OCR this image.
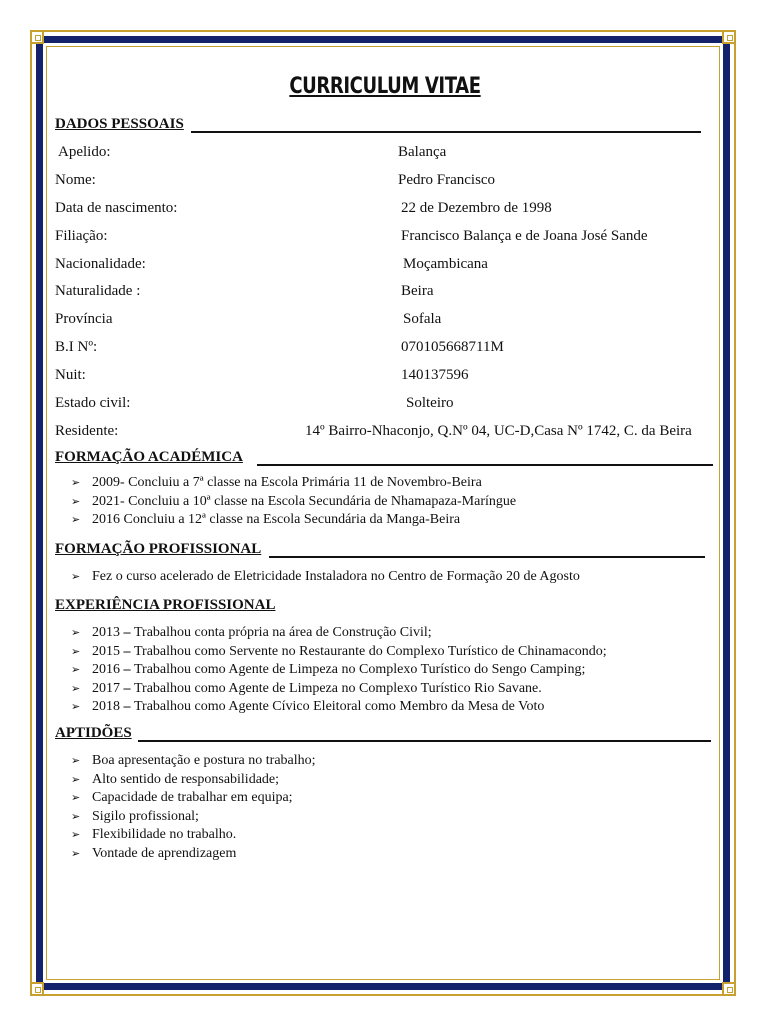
CURRICULUM VITAE
DADOS PESSOAIS
Apelido:	Balança
Nome:	Pedro Francisco
Data de nascimento:	22 de Dezembro de 1998
Filiação:	Francisco Balança e de Joana José Sande
Nacionalidade:	Moçambicana
Naturalidade :	Beira
Província	Sofala
B.I Nº:	070105668711M
Nuit:	140137596
Estado civil:	Solteiro
Residente:	14º Bairro-Nhaconjo, Q.Nº 04, UC-D,Casa Nº 1742, C. da Beira
FORMAÇÃO ACADÉMICA
➢ 2009- Concluiu a 7ª classe na Escola Primária 11 de Novembro-Beira
➢ 2021- Concluiu a 10ª classe na Escola Secundária de Nhamapaza-Maríngue
➢ 2016 Concluiu a 12ª classe na Escola Secundária da Manga-Beira
FORMAÇÃO PROFISSIONAL
➢ Fez o curso acelerado de Eletricidade Instaladora no Centro de Formação 20 de Agosto
EXPERIÊNCIA PROFISSIONAL
➢ 2013 – Trabalhou conta própria na área de Construção Civil;
➢ 2015 – Trabalhou como Servente no Restaurante do Complexo Turístico de Chinamacondo;
➢ 2016 – Trabalhou como Agente de Limpeza no Complexo Turístico do Sengo Camping;
➢ 2017 – Trabalhou como Agente de Limpeza no Complexo Turístico Rio Savane.
➢ 2018 – Trabalhou como Agente Cívico Eleitoral como Membro da Mesa de Voto
APTIDÕES
➢ Boa apresentação e postura no trabalho;
➢ Alto sentido de responsabilidade;
➢ Capacidade de trabalhar em equipa;
➢ Sigilo profissional;
➢ Flexibilidade no trabalho.
➢ Vontade de aprendizagem
